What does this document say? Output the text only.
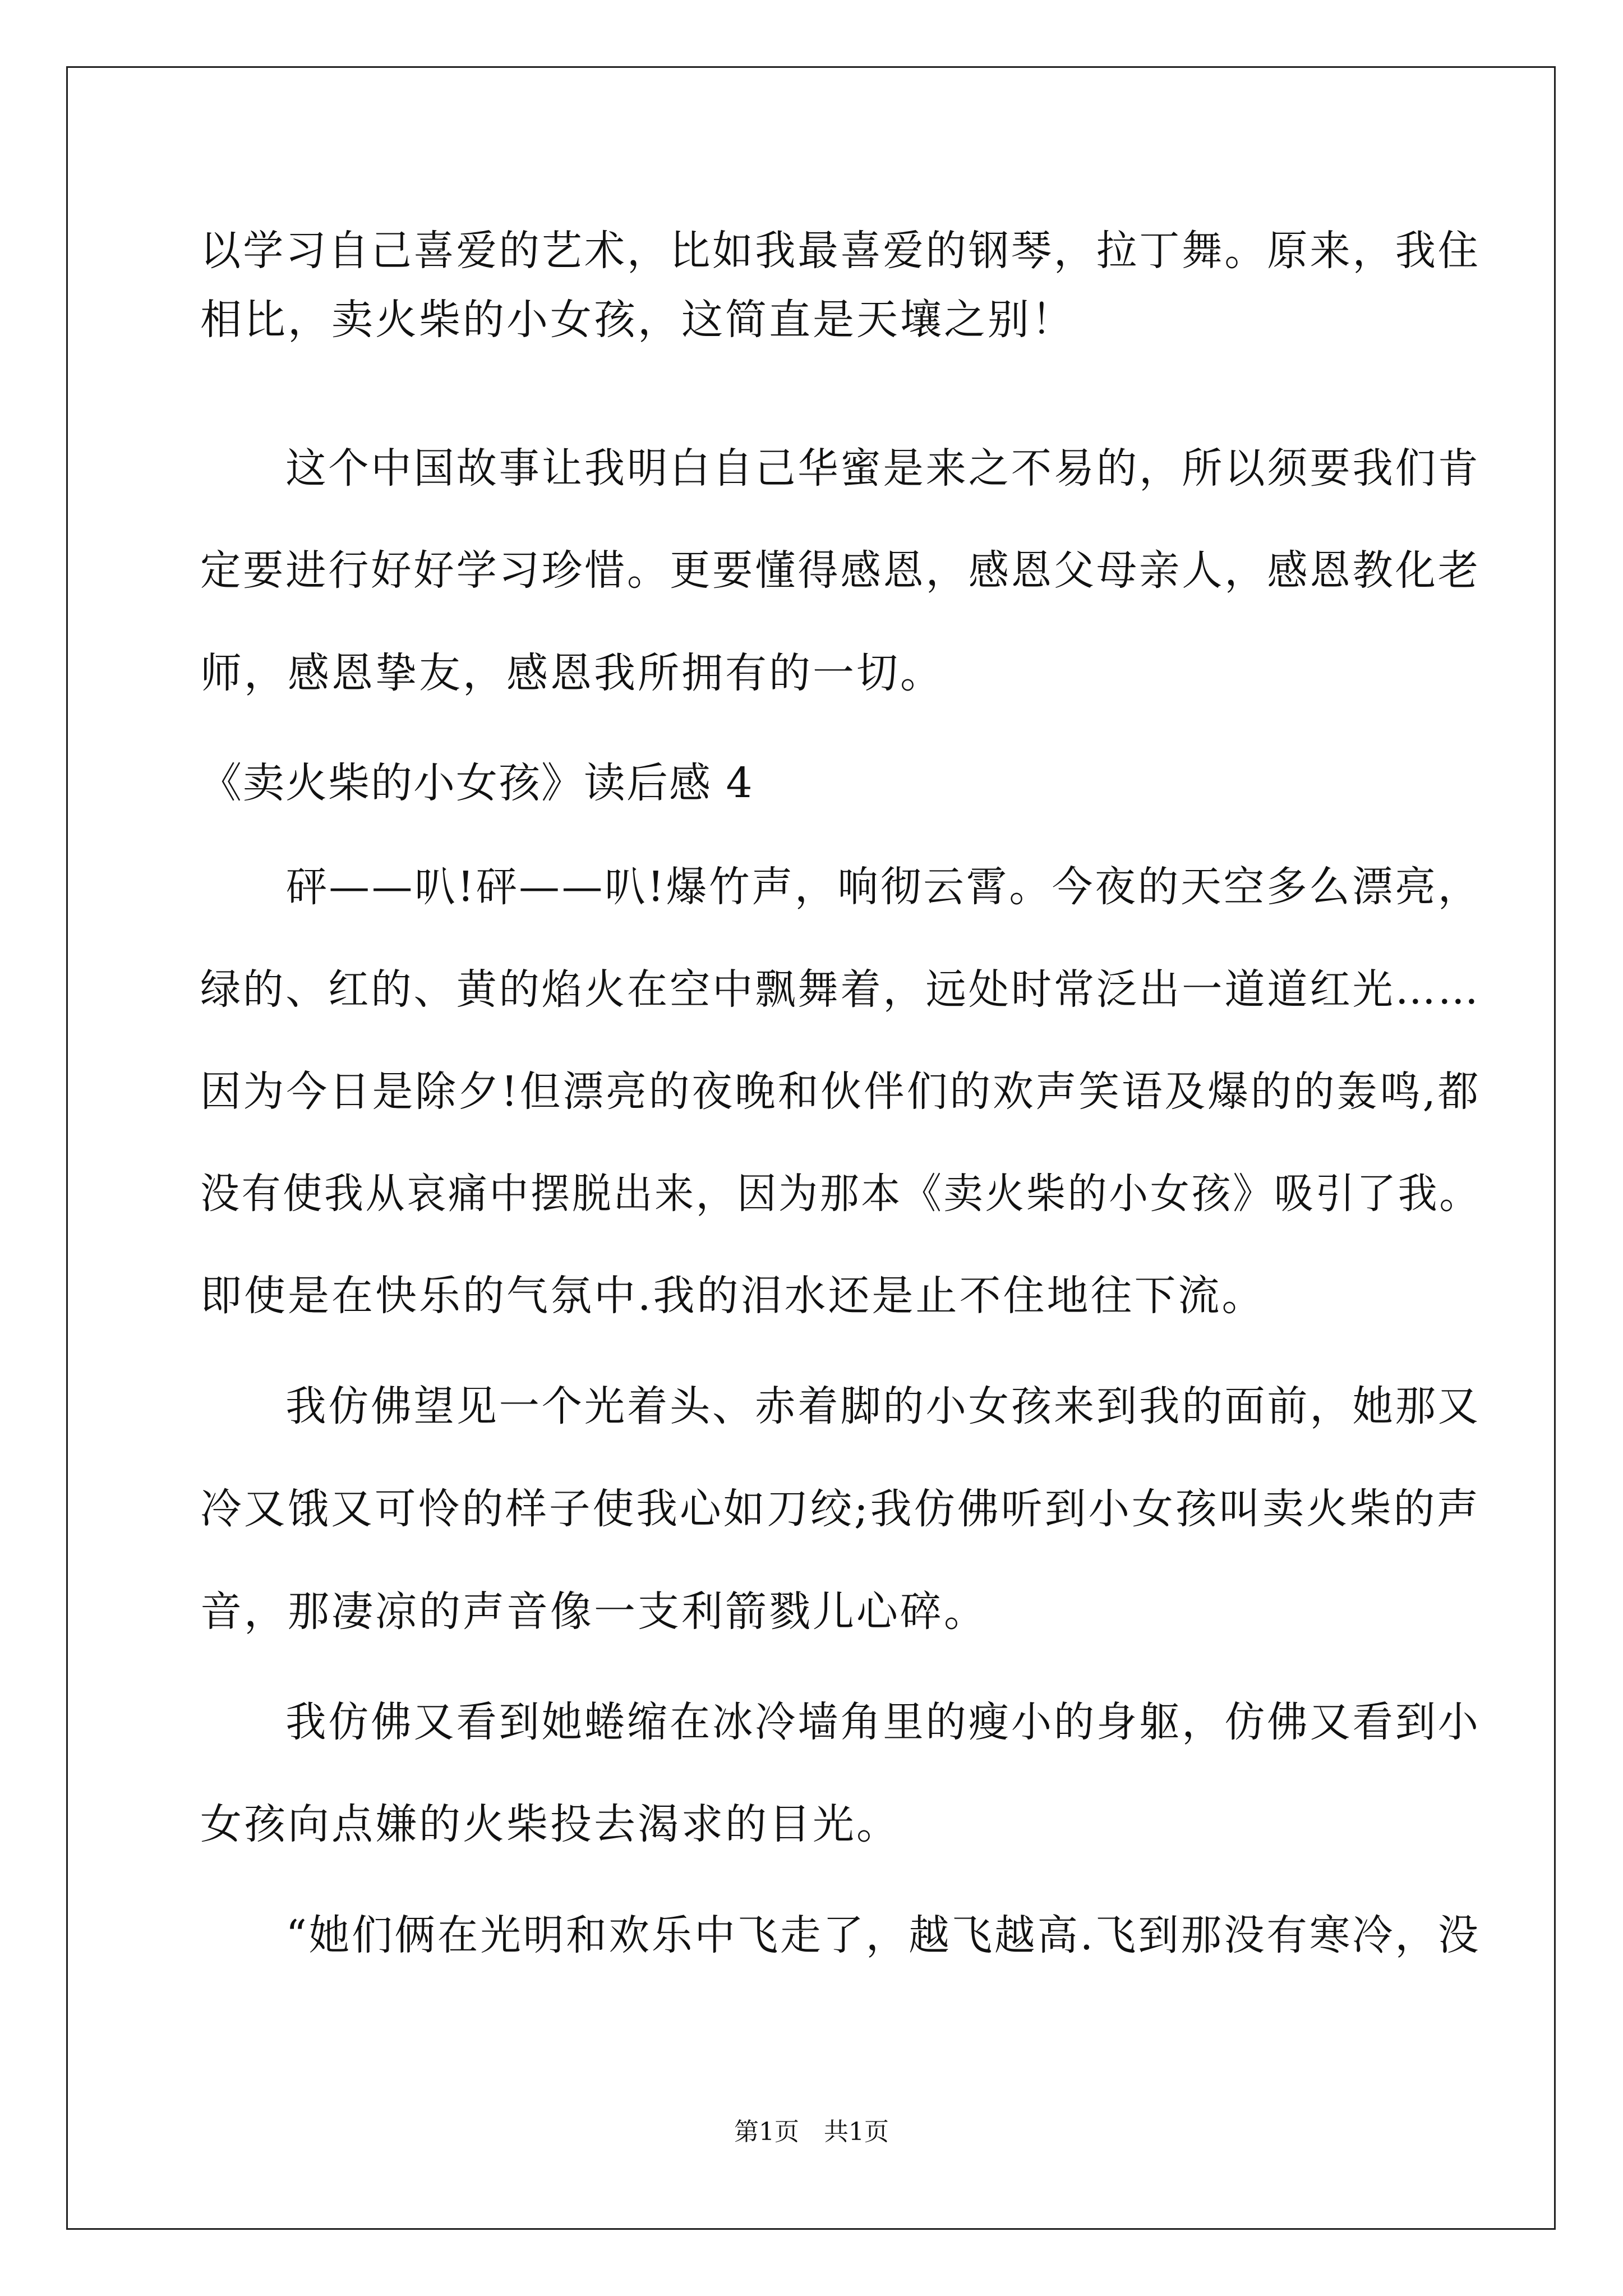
以学习自己喜爱的艺术，比如我最喜爱的钢琴，拉丁舞。原来，我住
相比，卖火柴的小女孩，这简直是天壤之别！
　　这个中国故事让我明白自己华蜜是来之不易的，所以须要我们肯
定要进行好好学习珍惜。更要懂得感恩，感恩父母亲人，感恩教化老
师，感恩挚友，感恩我所拥有的一切。
《卖火柴的小女孩》读后感 4
　　砰——叭!砰——叭!爆竹声，响彻云霄。今夜的天空多么漂亮，
绿的、红的、黄的焰火在空中飘舞着，远处时常泛出一道道红光……
因为今日是除夕!但漂亮的夜晚和伙伴们的欢声笑语及爆的的轰鸣,都
没有使我从哀痛中摆脱出来，因为那本《卖火柴的小女孩》吸引了我。
即使是在快乐的气氛中.我的泪水还是止不住地往下流。
　　我仿佛望见一个光着头、赤着脚的小女孩来到我的面前，她那又
冷又饿又可怜的样子使我心如刀绞;我仿佛听到小女孩叫卖火柴的声
音，那凄凉的声音像一支利箭戮儿心碎。
　　我仿佛又看到她蜷缩在冰冷墙角里的瘦小的身躯，仿佛又看到小
女孩向点嫌的火柴投去渴求的目光。
　　“她们俩在光明和欢乐中飞走了，越飞越高.飞到那没有寒冷，没
第1页　共1页
